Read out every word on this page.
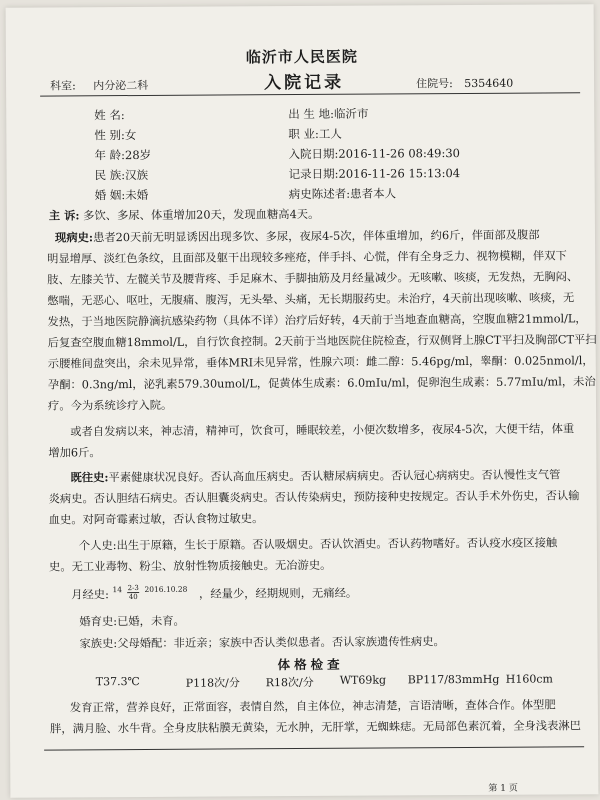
临沂市人民医院
入院记录
科室: 内分泌二科	住院号: 5354640
姓 名:
性 别:女
年 龄:28岁
民 族:汉族
婚 姻:未婚
出 生 地:临沂市
职 业:工人
入院日期:2016-11-26 08:49:30
记录日期:2016-11-26 15:13:04
病史陈述者:患者本人
主 诉: 多饮、多尿、体重增加20天，发现血糖高4天。
现病史:患者20天前无明显诱因出现多饮、多尿，夜尿4-5次，伴体重增加，约6斤，伴面部及腹部
明显增厚、淡红色条纹，且面部及躯干出现较多痤疮，伴手抖、心慌，伴有全身乏力、视物模糊，伴双下
肢、左膝关节、左髋关节及腰背疼、手足麻木、手脚抽筋及月经量减少。无咳嗽、咳痰，无发热，无胸闷、
憋喘，无恶心、呕吐，无腹痛、腹泻，无头晕、头痛，无长期服药史。未治疗，4天前出现咳嗽、咳痰，无
发热，于当地医院静滴抗感染药物（具体不详）治疗后好转，4天前于当地查血糖高，空腹血糖21mmol/L，
后复查空腹血糖18mmol/L，自行饮食控制。2天前于当地医院住院检查，行双侧肾上腺CT平扫及胸部CT平扫
示腰椎间盘突出，余未见异常，垂体MRI未见异常，性腺六项：雌二醇：5.46pg/ml，睾酮：0.025nmol/l，
孕酮：0.3ng/ml，泌乳素579.30umol/L，促黄体生成素：6.0mIu/ml，促卵泡生成素：5.77mIu/ml，未治
疗。今为系统诊疗入院。
或者自发病以来，神志清，精神可，饮食可，睡眠较差，小便次数增多，夜尿4-5次，大便干结，体重
增加6斤。
既往史:平素健康状况良好。否认高血压病史。否认糖尿病病史。否认冠心病病史。否认慢性支气管
炎病史。否认胆结石病史。否认胆囊炎病史。否认传染病史，预防接种史按规定。否认手术外伤史，否认输
血史。对阿奇霉素过敏，否认食物过敏史。
个人史:出生于原籍，生长于原籍。否认吸烟史。否认饮酒史。否认药物嗜好。否认疫水疫区接触
史。无工业毒物、粉尘、放射性物质接触史。无冶游史。
月经史: $^{14} \frac{2-3}{40} ^{2016.10.28}$ ，经量少，经期规则，无痛经。
婚育史:已婚，未育。
家族史:父母婚配：非近亲；家族中否认类似患者。否认家族遗传性病史。
体格检查
T37.3℃	P118次/分 R18次/分 WT69kg BP117/83mmHg H160cm
发育正常，营养良好，正常面容，表情自然，自主体位，神志清楚，言语清晰，查体合作。体型肥
胖，满月脸、水牛背。全身皮肤粘膜无黄染，无水肿，无肝掌，无蜘蛛痣。无局部色素沉着，全身浅表淋巴
第 1 页
